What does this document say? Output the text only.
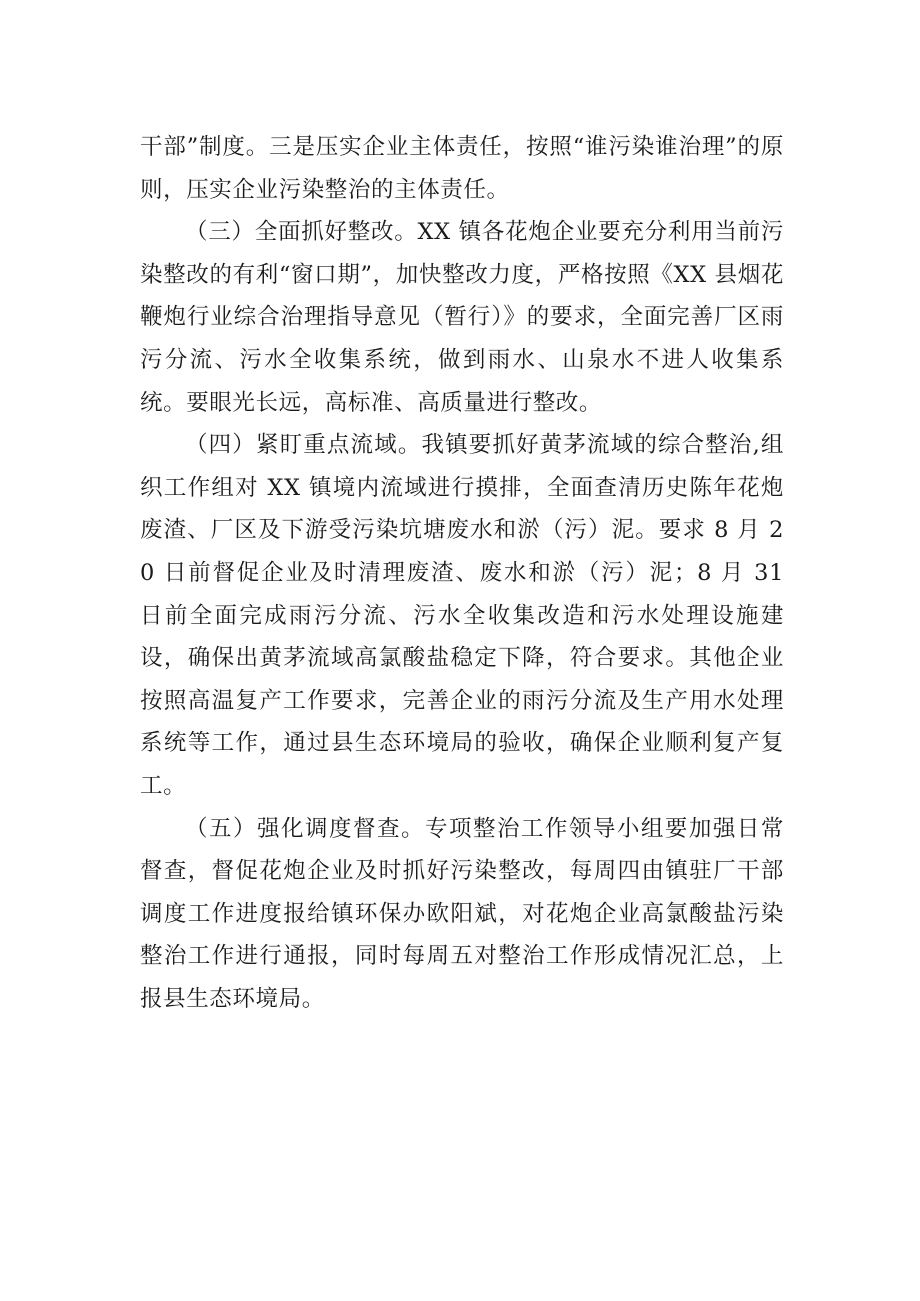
干部”制度。三是压实企业主体责任，按照“谁污染谁治理”的原则，压实企业污染整治的主体责任。

（三）全面抓好整改。XX 镇各花炮企业要充分利用当前污染整改的有利“窗口期”，加快整改力度，严格按照《XX 县烟花鞭炮行业综合治理指导意见（暂行）》的要求，全面完善厂区雨污分流、污水全收集系统，做到雨水、山泉水不进人收集系统。要眼光长远，高标准、高质量进行整改。

（四）紧盯重点流域。我镇要抓好黄茅流域的综合整治,组织工作组对 XX 镇境内流域进行摸排，全面查清历史陈年花炮废渣、厂区及下游受污染坑塘废水和淤（污）泥。要求 8 月 20 日前督促企业及时清理废渣、废水和淤（污）泥；8 月 31 日前全面完成雨污分流、污水全收集改造和污水处理设施建设，确保出黄茅流域高氯酸盐稳定下降，符合要求。其他企业按照高温复产工作要求，完善企业的雨污分流及生产用水处理系统等工作，通过县生态环境局的验收，确保企业顺利复产复工。

（五）强化调度督查。专项整治工作领导小组要加强日常督查，督促花炮企业及时抓好污染整改，每周四由镇驻厂干部调度工作进度报给镇环保办欧阳斌，对花炮企业高氯酸盐污染整治工作进行通报，同时每周五对整治工作形成情况汇总，上报县生态环境局。
